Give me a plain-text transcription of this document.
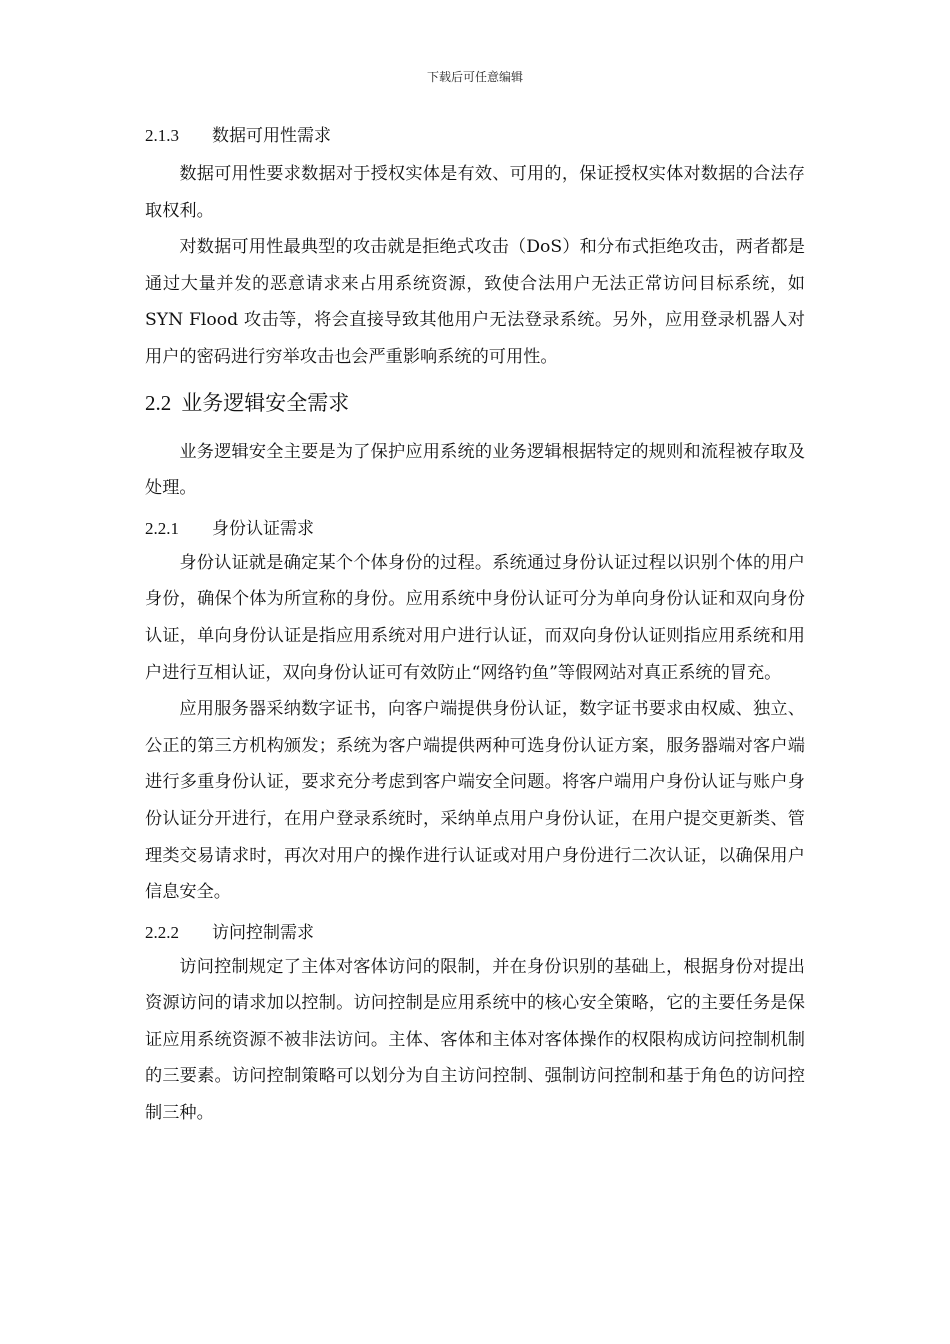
下载后可任意编辑
2.1.3 数据可用性需求

数据可用性要求数据对于授权实体是有效、可用的，保证授权实体对数据的合法存取权利。

对数据可用性最典型的攻击就是拒绝式攻击（DoS）和分布式拒绝攻击，两者都是通过大量并发的恶意请求来占用系统资源，致使合法用户无法正常访问目标系统，如 SYN Flood 攻击等，将会直接导致其他用户无法登录系统。另外，应用登录机器人对用户的密码进行穷举攻击也会严重影响系统的可用性。

2.2 业务逻辑安全需求

业务逻辑安全主要是为了保护应用系统的业务逻辑根据特定的规则和流程被存取及处理。

2.2.1 身份认证需求

身份认证就是确定某个个体身份的过程。系统通过身份认证过程以识别个体的用户身份，确保个体为所宣称的身份。应用系统中身份认证可分为单向身份认证和双向身份认证，单向身份认证是指应用系统对用户进行认证，而双向身份认证则指应用系统和用户进行互相认证，双向身份认证可有效防止“网络钓鱼”等假网站对真正系统的冒充。

应用服务器采纳数字证书，向客户端提供身份认证，数字证书要求由权威、独立、公正的第三方机构颁发；系统为客户端提供两种可选身份认证方案，服务器端对客户端进行多重身份认证，要求充分考虑到客户端安全问题。将客户端用户身份认证与账户身份认证分开进行，在用户登录系统时，采纳单点用户身份认证，在用户提交更新类、管理类交易请求时，再次对用户的操作进行认证或对用户身份进行二次认证，以确保用户信息安全。

2.2.2 访问控制需求

访问控制规定了主体对客体访问的限制，并在身份识别的基础上，根据身份对提出资源访问的请求加以控制。访问控制是应用系统中的核心安全策略，它的主要任务是保证应用系统资源不被非法访问。主体、客体和主体对客体操作的权限构成访问控制机制的三要素。访问控制策略可以划分为自主访问控制、强制访问控制和基于角色的访问控制三种。
